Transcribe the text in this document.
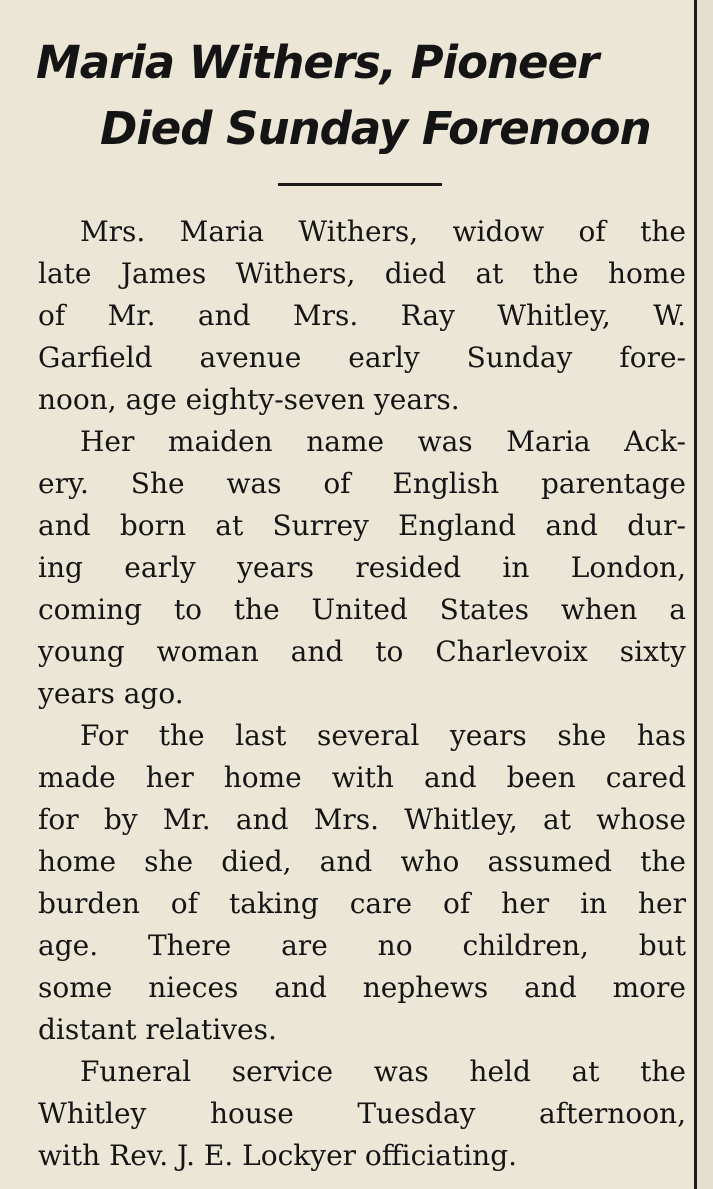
Maria Withers, Pioneer
Died Sunday Forenoon
Mrs. Maria Withers, widow of the
late James Withers, died at the home
of Mr. and Mrs. Ray Whitley, W.
Garfield avenue early Sunday fore-
noon, age eighty-seven years.
Her maiden name was Maria Ack-
ery. She was of English parentage
and born at Surrey England and dur-
ing early years resided in London,
coming to the United States when a
young woman and to Charlevoix sixty
years ago.
For the last several years she has
made her home with and been cared
for by Mr. and Mrs. Whitley, at whose
home she died, and who assumed the
burden of taking care of her in her
age. There are no children, but
some nieces and nephews and more
distant relatives.
Funeral service was held at the
Whitley house Tuesday afternoon,
with Rev. J. E. Lockyer officiating.
